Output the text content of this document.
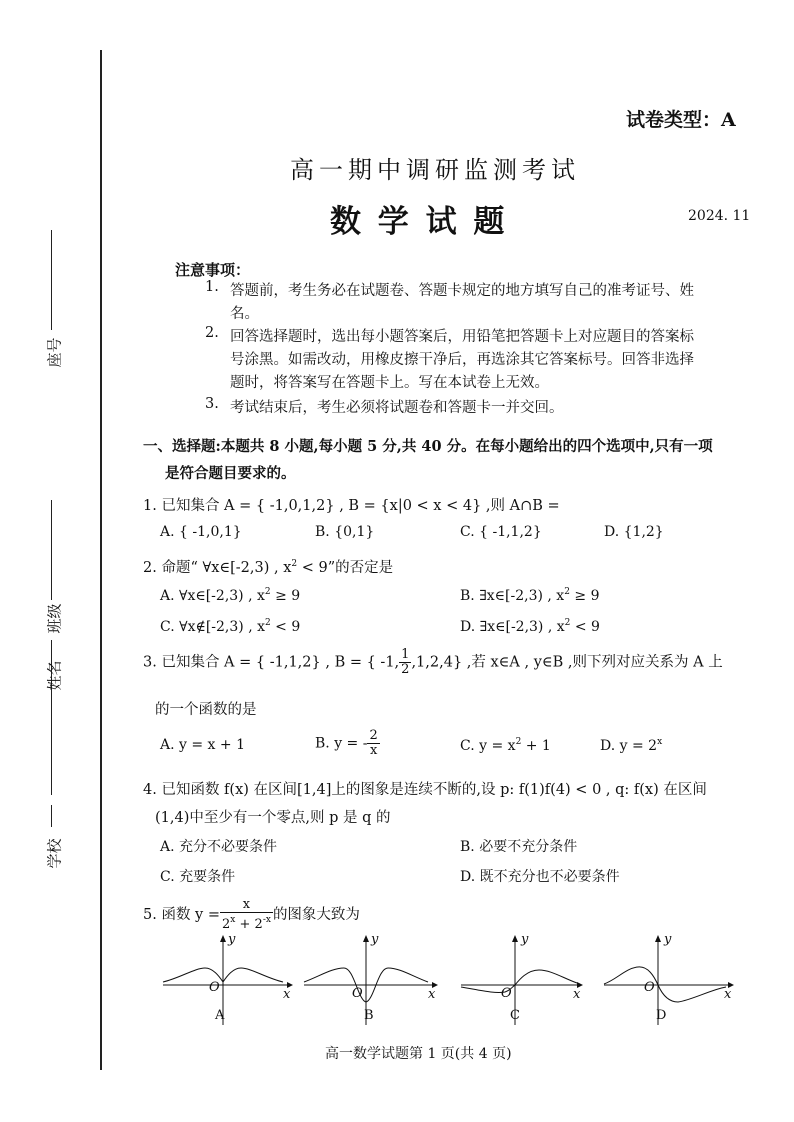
座号
班级
姓名
学校
试卷类型：A
高一期中调研监测考试
数 学 试 题	2024. 11
注意事项：
1. 答题前，考生务必在试题卷、答题卡规定的地方填写自己的准考证号、姓
名。
2. 回答选择题时，选出每小题答案后，用铅笔把答题卡上对应题目的答案标
号涂黑。如需改动，用橡皮擦干净后，再选涂其它答案标号。回答非选择
题时，将答案写在答题卡上。写在本试卷上无效。
3. 考试结束后，考生必须将试题卷和答题卡一并交回。
一、选择题:本题共 8 小题,每小题 5 分,共 40 分。在每小题给出的四个选项中,只有一项
是符合题目要求的。
1. 已知集合 A = { -1,0,1,2} , B = {x|0 < x < 4} ,则 A∩B =
A. { -1,0,1}	B. {0,1}	C. { -1,1,2}	D. {1,2}
2. 命题“ ∀x∈[-2,3) , $x^2 < 9$”的否定是
A. ∀x∈[-2,3) , $x^2 \ge 9$	B. ∃x∈[-2,3) , $x^2 \ge 9$
C. ∀x∉[-2,3) , $x^2 < 9$	D. ∃x∈[-2,3) , $x^2 < 9$
3. 已知集合 A = { -1,1,2} , B = { -1, $\frac{1}{2} ,1,2,4$} ,若 x∈A , y∈B ,则下列对应关系为 A 上
的一个函数的是
A. y = x + 1	B. y = - $\frac{2}{x}$	C. $y = x^2 + 1$	D. $y = 2^x$
4. 已知函数 f(x) 在区间[1,4]上的图象是连续不断的,设 p: f(1)f(4) < 0 , q: f(x) 在区间
(1,4)中至少有一个零点,则 p 是 q 的
A. 充分不必要条件	B. 必要不充分条件
C. 充要条件	D. 既不充分也不必要条件
5. 函数 $y = \frac{x}{2^x + 2^{-x}}$ 的图象大致为
y
x
O
A
y
x
O
B
y
x
O
C
y
x
O
D
高一数学试题第 1 页(共 4 页)
